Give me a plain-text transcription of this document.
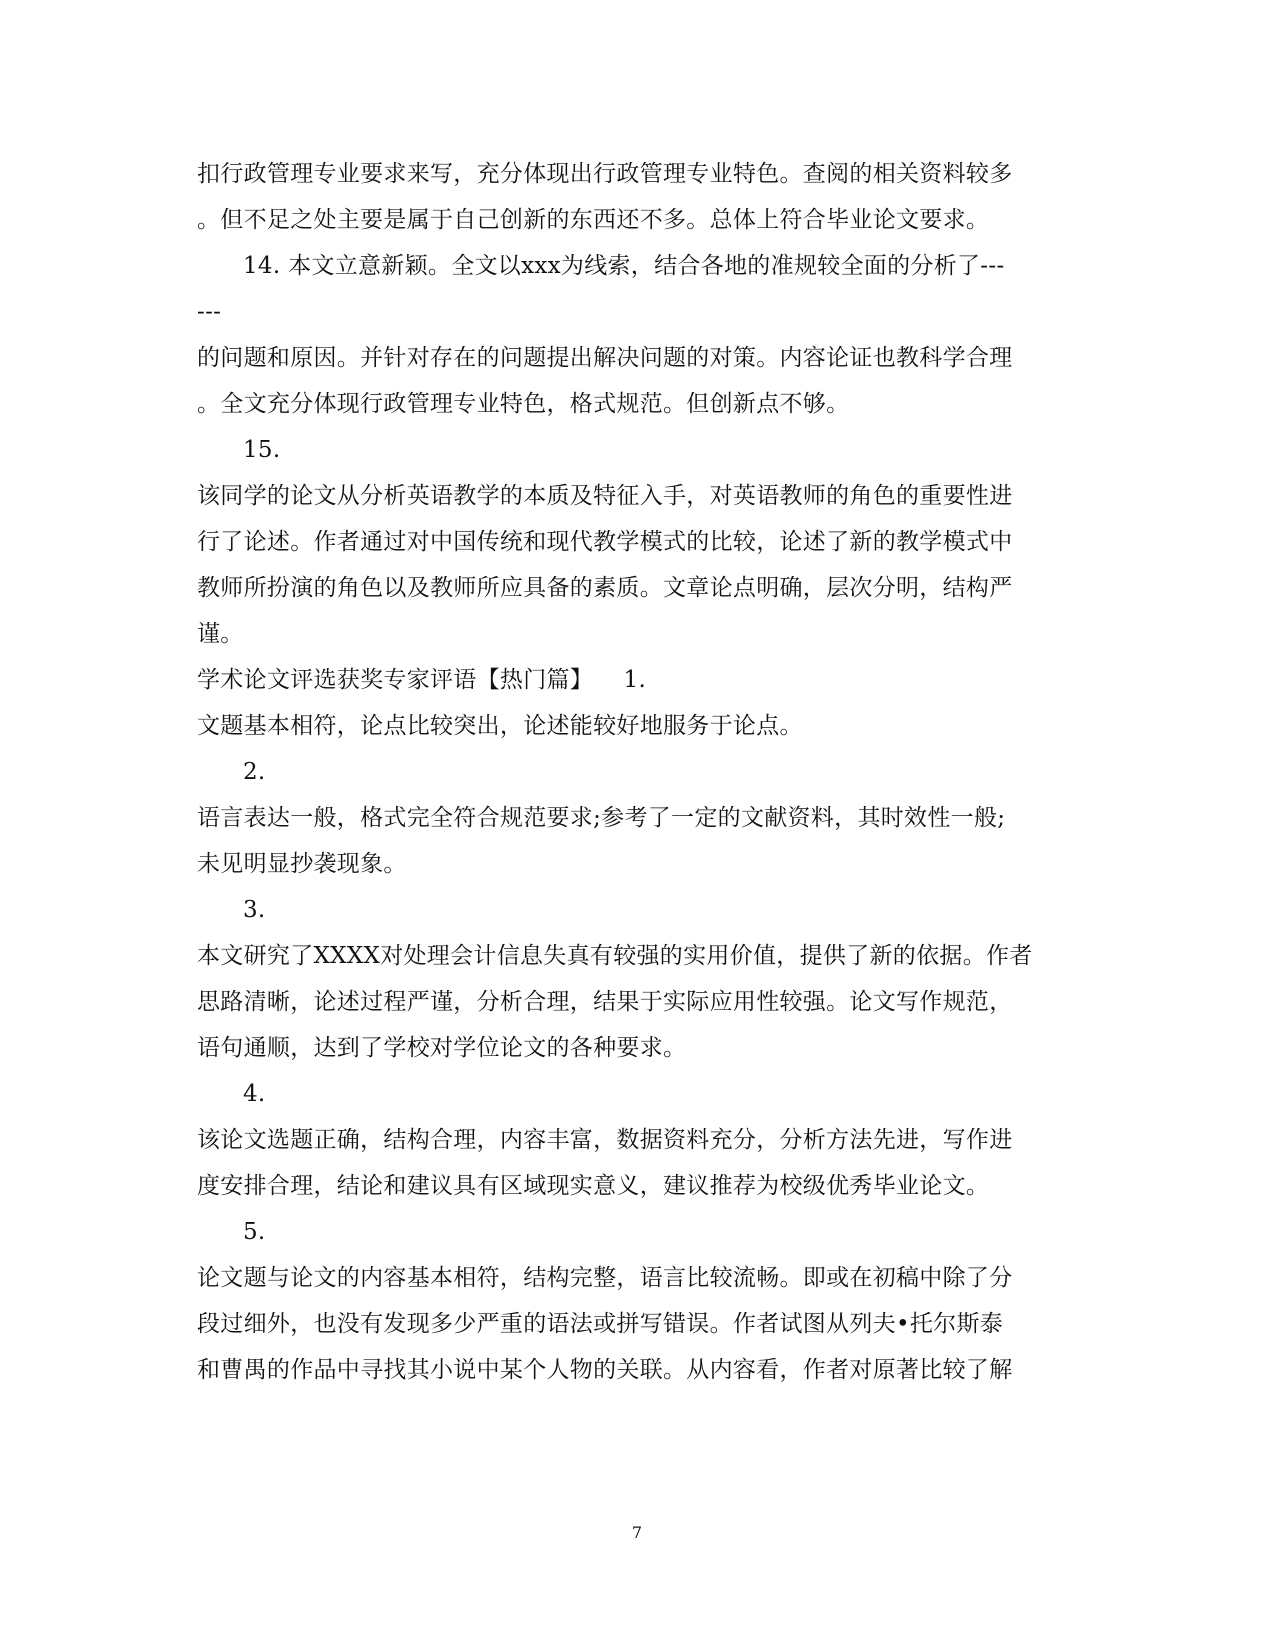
扣行政管理专业要求来写，充分体现出行政管理专业特色。查阅的相关资料较多
。但不足之处主要是属于自己创新的东西还不多。总体上符合毕业论文要求。
14. 本文立意新颖。全文以xxx为线索，结合各地的准规较全面的分析了---
---
的问题和原因。并针对存在的问题提出解决问题的对策。内容论证也教科学合理
。全文充分体现行政管理专业特色，格式规范。但创新点不够。
15.
该同学的论文从分析英语教学的本质及特征入手，对英语教师的角色的重要性进
行了论述。作者通过对中国传统和现代教学模式的比较，论述了新的教学模式中
教师所扮演的角色以及教师所应具备的素质。文章论点明确，层次分明，结构严
谨。
学术论文评选获奖专家评语【热门篇】    1.
文题基本相符，论点比较突出，论述能较好地服务于论点。
2.
语言表达一般，格式完全符合规范要求;参考了一定的文献资料，其时效性一般;
未见明显抄袭现象。
3.
本文研究了XXXX对处理会计信息失真有较强的实用价值，提供了新的依据。作者
思路清晰，论述过程严谨，分析合理，结果于实际应用性较强。论文写作规范，
语句通顺，达到了学校对学位论文的各种要求。
4.
该论文选题正确，结构合理，内容丰富，数据资料充分，分析方法先进，写作进
度安排合理，结论和建议具有区域现实意义，建议推荐为校级优秀毕业论文。
5.
论文题与论文的内容基本相符，结构完整，语言比较流畅。即或在初稿中除了分
段过细外，也没有发现多少严重的语法或拼写错误。作者试图从列夫•托尔斯泰
和曹禺的作品中寻找其小说中某个人物的关联。从内容看，作者对原著比较了解
7
